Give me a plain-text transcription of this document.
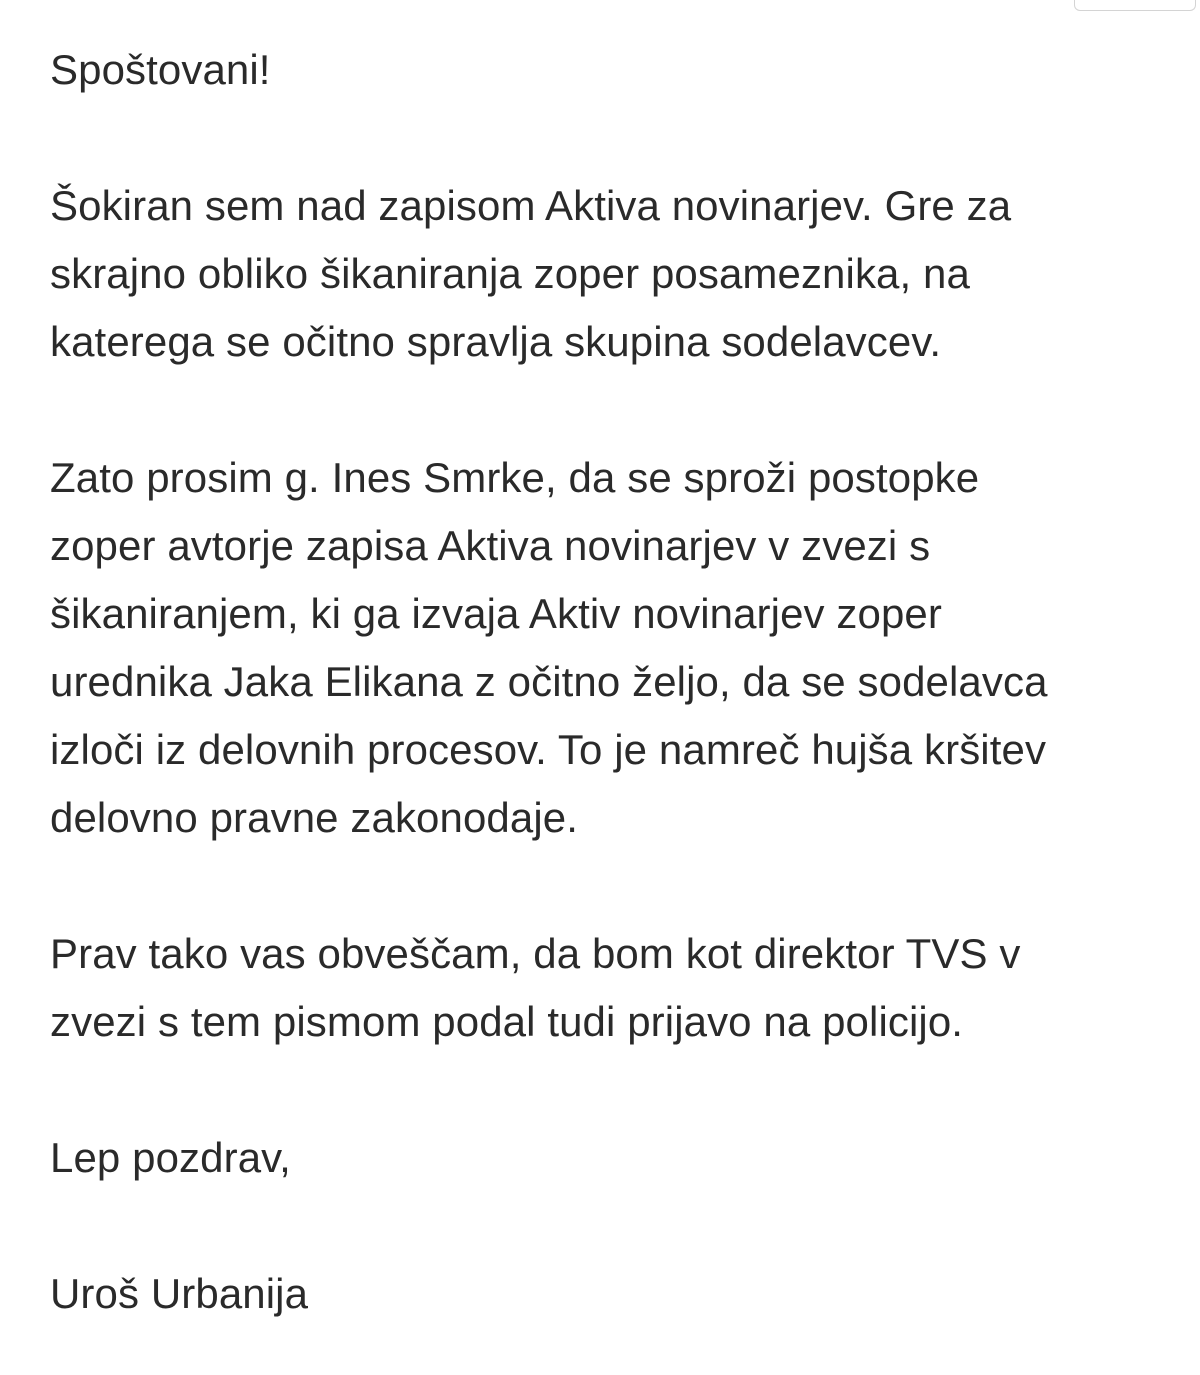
Spoštovani!
Šokiran sem nad zapisom Aktiva novinarjev. Gre za
skrajno obliko šikaniranja zoper posameznika, na
katerega se očitno spravlja skupina sodelavcev.
Zato prosim g. Ines Smrke, da se sproži postopke
zoper avtorje zapisa Aktiva novinarjev v zvezi s
šikaniranjem, ki ga izvaja Aktiv novinarjev zoper
urednika Jaka Elikana z očitno željo, da se sodelavca
izloči iz delovnih procesov. To je namreč hujša kršitev
delovno pravne zakonodaje.
Prav tako vas obveščam, da bom kot direktor TVS v
zvezi s tem pismom podal tudi prijavo na policijo.
Lep pozdrav,
Uroš Urbanija
